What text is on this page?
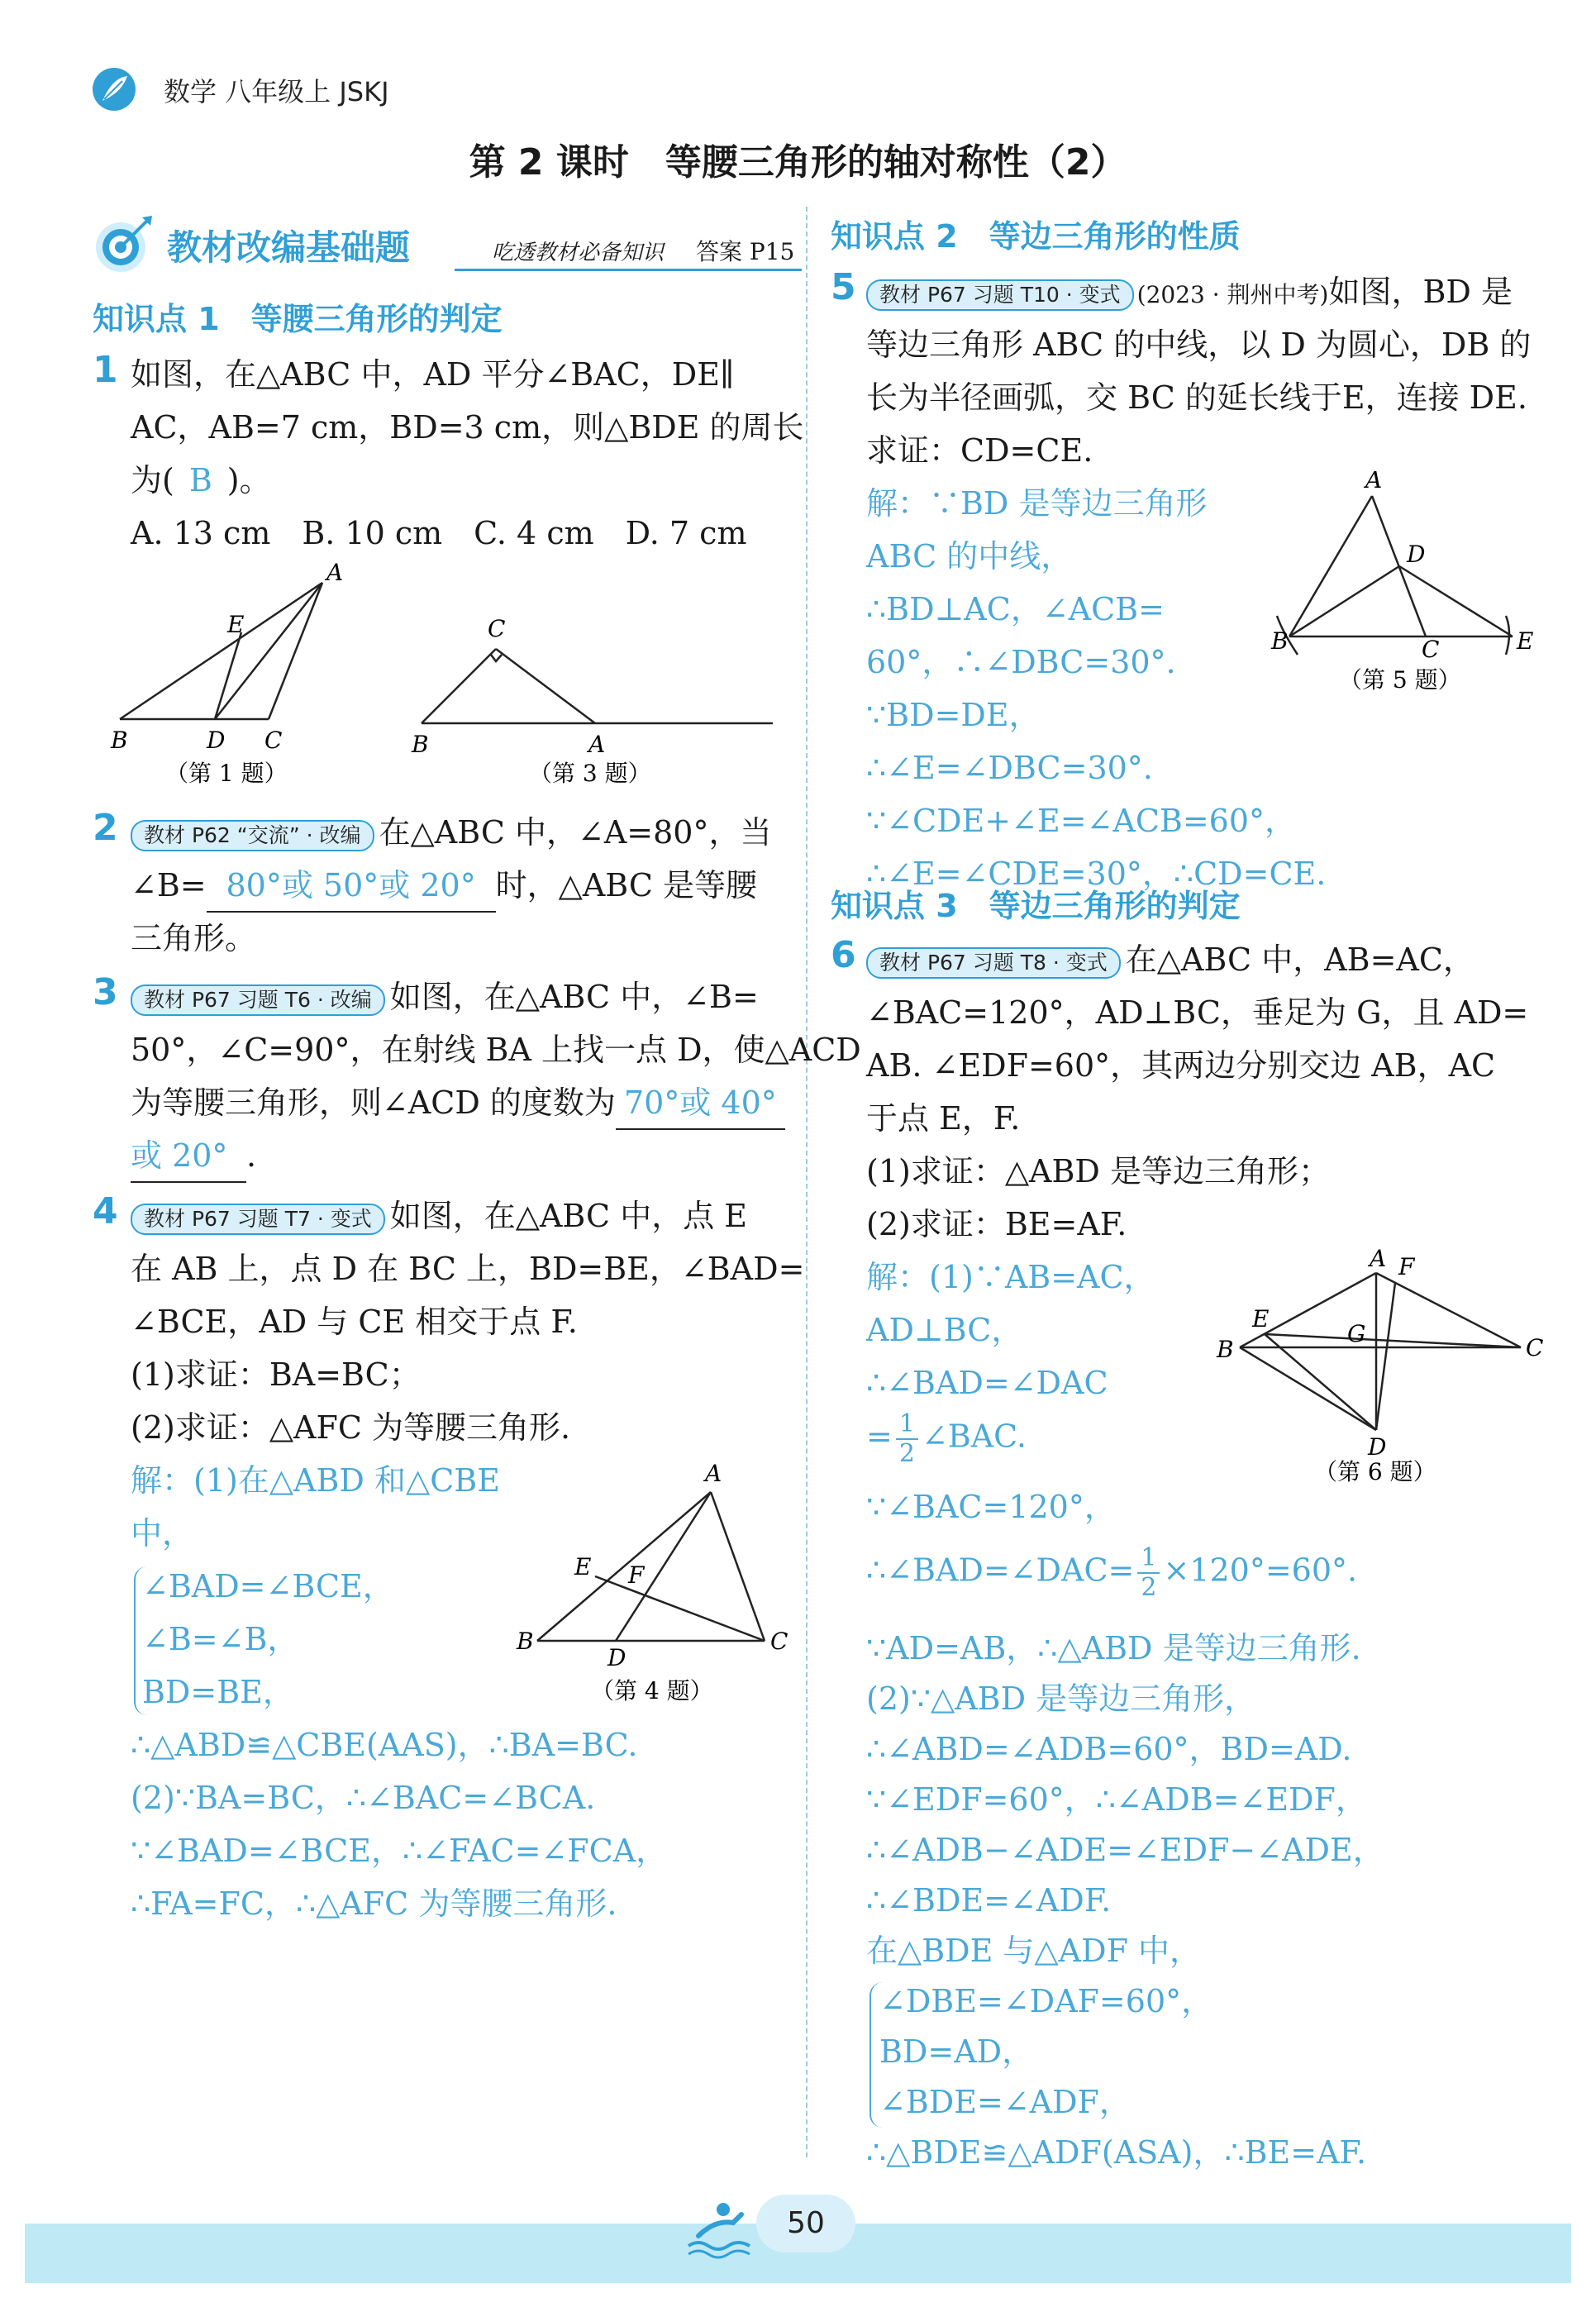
数学 八年级上 JSKJ
第 2 课时　等腰三角形的轴对称性（2）
教材改编基础题	吃透教材必备知识 答案 P15
知识点 1　等腰三角形的判定
1 如图，在△ABC 中，AD 平分∠BAC，DE∥
AC，AB=7 cm，BD=3 cm，则△BDE 的周长
为( B )。
A. 13 cm　B. 10 cm　C. 4 cm　D. 7 cm
A
B	C
D
E
（第 1 题）
C
B	A
（第 3 题）
2	教材 P62 “交流” · 改编 在△ABC 中，∠A=80°，当
∠B= 80°或 50°或 20° 时，△ABC 是等腰
三角形。
3	教材 P67 习题 T6 · 改编 如图，在△ABC 中，∠B=
50°，∠C=90°，在射线 BA 上找一点 D，使△ACD
为等腰三角形，则∠ACD 的度数为 70°或 40°
或 20° .
4	教材 P67 习题 T7 · 变式 如图，在△ABC 中，点 E
在 AB 上，点 D 在 BC 上，BD=BE，∠BAD=
∠BCE，AD 与 CE 相交于点 F.
(1)求证：BA=BC；
(2)求证：△AFC 为等腰三角形.
解：(1)在△ABD 和△CBE
中，
∠BAD=∠BCE，
∠B=∠B，
BD=BE，
∴△ABD≌△CBE(AAS)，∴BA=BC.
(2)∵BA=BC，∴∠BAC=∠BCA.
∵∠BAD=∠BCE，∴∠FAC=∠FCA，
∴FA=FC，∴△AFC 为等腰三角形.
A
B	C
D
E F
（第 4 题）
知识点 2　等边三角形的性质
5	教材 P67 习题 T10 · 变式 (2023 · 荆州中考)如图，BD 是
等边三角形 ABC 的中线，以 D 为圆心，DB 的
长为半径画弧，交 BC 的延长线于E，连接 DE.
求证：CD=CE.
解：∵BD 是等边三角形
ABC 的中线，
∴BD⊥AC，∠ACB=
60°，∴∠DBC=30°.
∵BD=DE，
∴∠E=∠DBC=30°.
∵∠CDE+∠E=∠ACB=60°，
∴∠E=∠CDE=30°，∴CD=CE.
A
B	C
D
E
（第 5 题）
知识点 3　等边三角形的判定
6	教材 P67 习题 T8 · 变式 在△ABC 中，AB=AC，
∠BAC=120°，AD⊥BC，垂足为 G，且 AD=
AB. ∠EDF=60°，其两边分别交边 AB，AC
于点 E，F.
(1)求证：△ABD 是等边三角形；
(2)求证：BE=AF.
解：(1)∵AB=AC，
AD⊥BC，
∴∠BAD=∠DAC
= $\frac{1}{2}$ ∠BAC.
∵∠BAC=120°，
∴∠BAD=∠DAC= $\frac{1}{2} \times 120^\circ=60^\circ$.
∵AD=AB，∴△ABD 是等边三角形.
(2)∵△ABD 是等边三角形，
∴∠ABD=∠ADB=60°，BD=AD.
∵∠EDF=60°，∴∠ADB=∠EDF，
∴∠ADB−∠ADE=∠EDF−∠ADE，
∴∠BDE=∠ADF.
在△BDE 与△ADF 中，
∠DBE=∠DAF=60°，
BD=AD，
∠BDE=∠ADF，
∴△BDE≌△ADF(ASA)，∴BE=AF.
A
B	C
D
E
F
G
（第 6 题）
50
